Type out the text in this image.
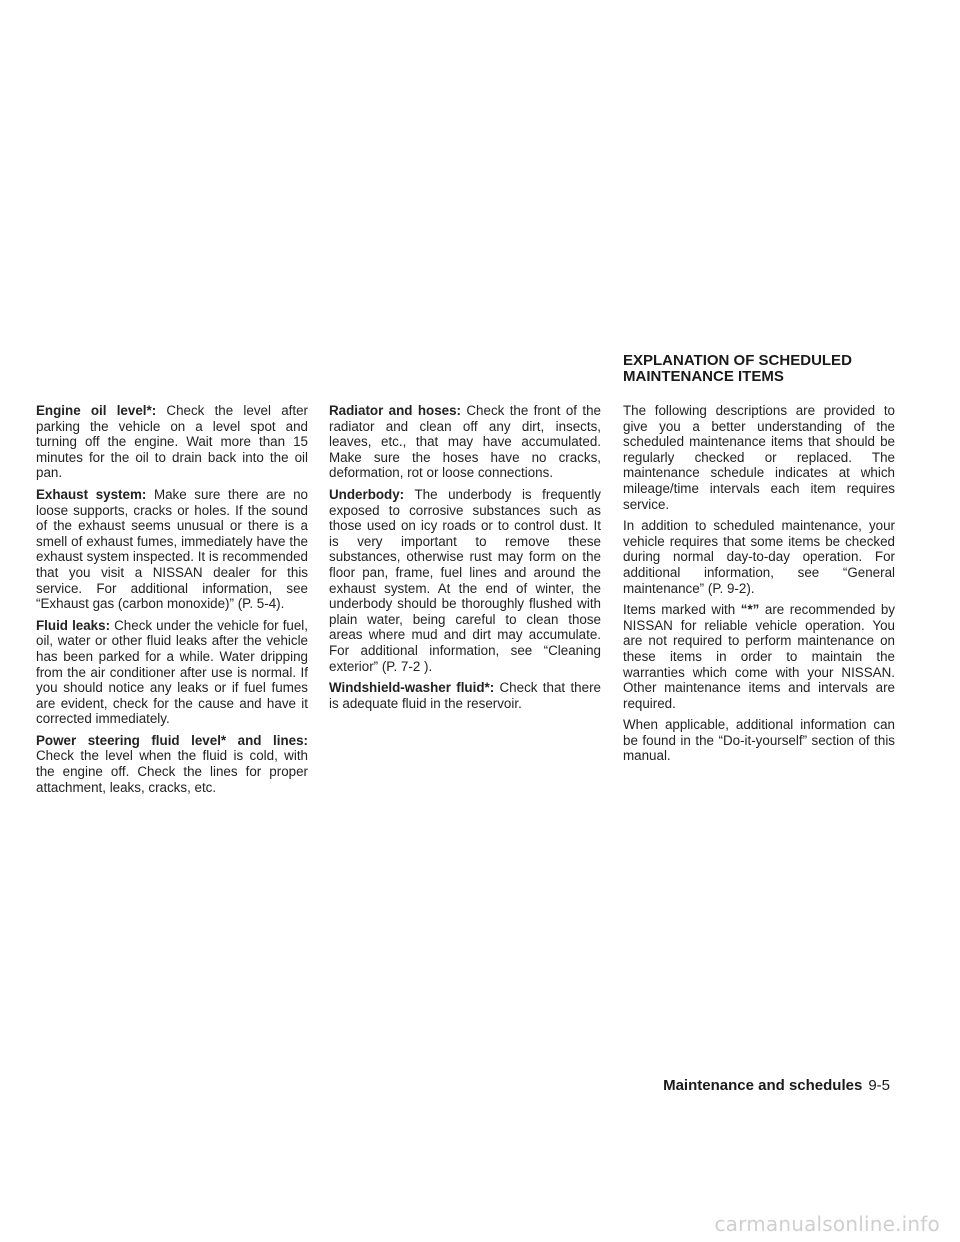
EXPLANATION OF SCHEDULED
MAINTENANCE ITEMS

Engine oil level*: Check the level after parking the vehicle on a level spot and turning off the engine. Wait more than 15 minutes for the oil to drain back into the oil pan.

Exhaust system: Make sure there are no loose supports, cracks or holes. If the sound of the exhaust seems unusual or there is a smell of exhaust fumes, immediately have the exhaust system inspected. It is recommended that you visit a NISSAN dealer for this service. For additional information, see “Exhaust gas (carbon monoxide)” (P. 5-4).

Fluid leaks: Check under the vehicle for fuel, oil, water or other fluid leaks after the vehicle has been parked for a while. Water dripping from the air conditioner after use is normal. If you should notice any leaks or if fuel fumes are evident, check for the cause and have it corrected immediately.

Power steering fluid level* and lines: Check the level when the fluid is cold, with the engine off. Check the lines for proper attachment, leaks, cracks, etc.

Radiator and hoses: Check the front of the radiator and clean off any dirt, insects, leaves, etc., that may have accumulated. Make sure the hoses have no cracks, deformation, rot or loose connections.

Underbody: The underbody is frequently exposed to corrosive substances such as those used on icy roads or to control dust. It is very important to remove these substances, otherwise rust may form on the floor pan, frame, fuel lines and around the exhaust system. At the end of winter, the underbody should be thoroughly flushed with plain water, being careful to clean those areas where mud and dirt may accumulate. For additional information, see “Cleaning exterior” (P. 7-2 ).

Windshield-washer fluid*: Check that there is adequate fluid in the reservoir.

The following descriptions are provided to give you a better understanding of the scheduled maintenance items that should be regularly checked or replaced. The maintenance schedule indicates at which mileage/time intervals each item requires service.

In addition to scheduled maintenance, your vehicle requires that some items be checked during normal day-to-day operation. For additional information, see “General maintenance” (P. 9-2).

Items marked with “*” are recommended by NISSAN for reliable vehicle operation. You are not required to perform maintenance on these items in order to maintain the warranties which come with your NISSAN. Other maintenance items and intervals are required.

When applicable, additional information can be found in the “Do-it-yourself” section of this manual.

Maintenance and schedules 9-5
carmanualsonline.info
